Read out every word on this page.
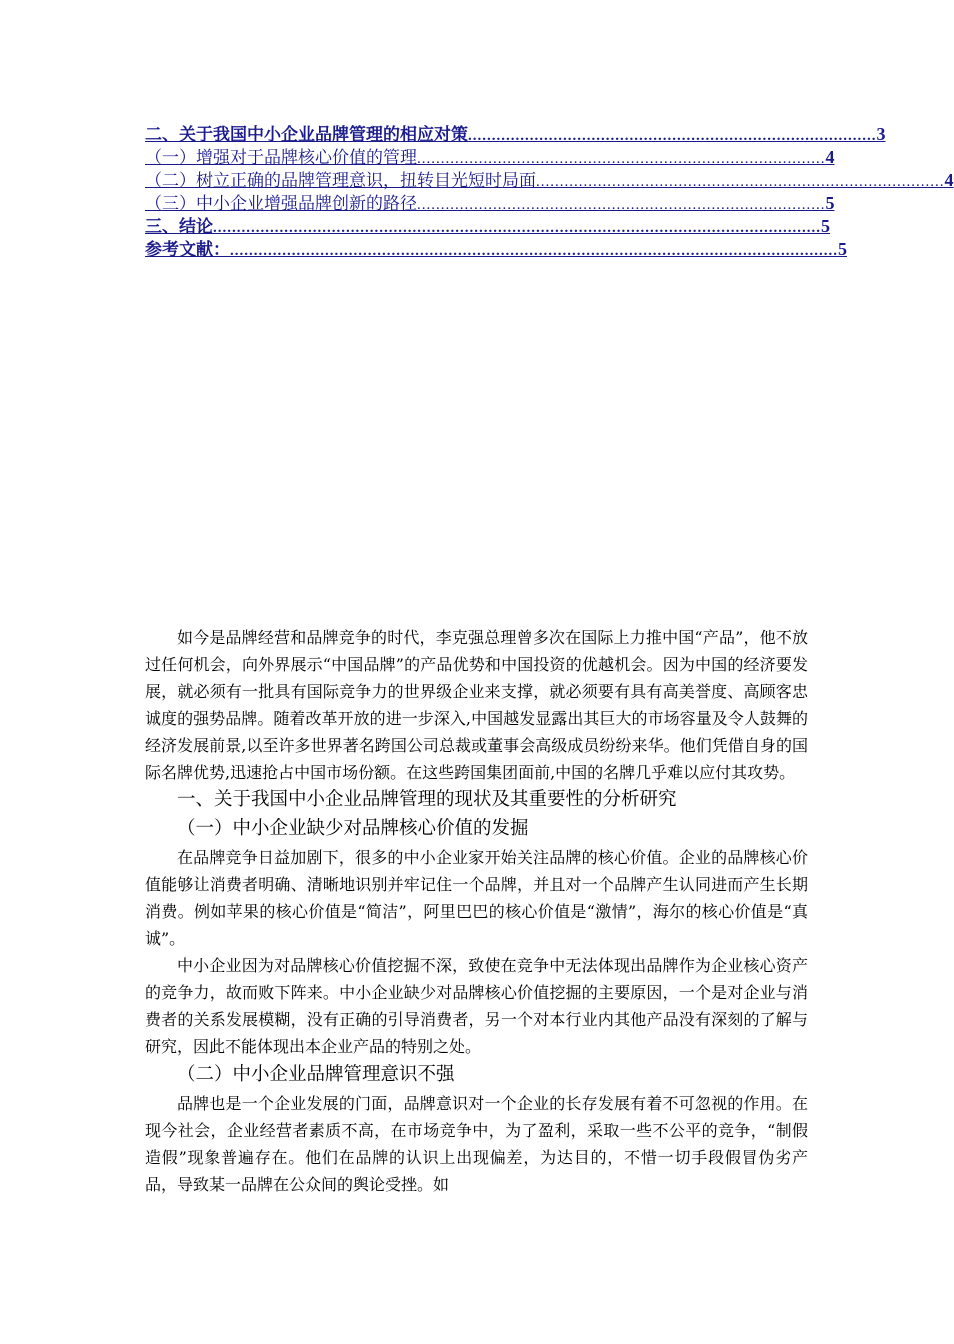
二、关于我国中小企业品牌管理的相应对策 ...................................................................................... 3
（一）增强对于品牌核心价值的管理 ...................................................................................... 4
（二）树立正确的品牌管理意识，扭转目光短时局面 ...................................................................................... 4
（三）中小企业增强品牌创新的路径 ...................................................................................... 5
三、结论 ................................................................................................................................ 5
参考文献： ................................................................................................................................ 5

如今是品牌经营和品牌竞争的时代，李克强总理曾多次在国际上力推中国“产品”，他不放过任何机会，向外界展示“中国品牌”的产品优势和中国投资的优越机会。因为中国的经济要发展，就必须有一批具有国际竞争力的世界级企业来支撑，就必须要有具有高美誉度、高顾客忠诚度的强势品牌。随着改革开放的进一步深入,中国越发显露出其巨大的市场容量及令人鼓舞的经济发展前景,以至许多世界著名跨国公司总裁或董事会高级成员纷纷来华。他们凭借自身的国际名牌优势,迅速抢占中国市场份额。在这些跨国集团面前,中国的名牌几乎难以应付其攻势。

一、关于我国中小企业品牌管理的现状及其重要性的分析研究

（一）中小企业缺少对品牌核心价值的发掘

在品牌竞争日益加剧下，很多的中小企业家开始关注品牌的核心价值。企业的品牌核心价值能够让消费者明确、清晰地识别并牢记住一个品牌，并且对一个品牌产生认同进而产生长期消费。例如苹果的核心价值是“简洁”，阿里巴巴的核心价值是“激情”，海尔的核心价值是“真诚”。

中小企业因为对品牌核心价值挖掘不深，致使在竞争中无法体现出品牌作为企业核心资产的竞争力，故而败下阵来。中小企业缺少对品牌核心价值挖掘的主要原因，一个是对企业与消费者的关系发展模糊，没有正确的引导消费者，另一个对本行业内其他产品没有深刻的了解与研究，因此不能体现出本企业产品的特别之处。

（二）中小企业品牌管理意识不强

品牌也是一个企业发展的门面，品牌意识对一个企业的长存发展有着不可忽视的作用。在现今社会，企业经营者素质不高，在市场竞争中，为了盈利，采取一些不公平的竞争，“制假造假”现象普遍存在。他们在品牌的认识上出现偏差，为达目的，不惜一切手段假冒伪劣产品，导致某一品牌在公众间的舆论受挫。如
